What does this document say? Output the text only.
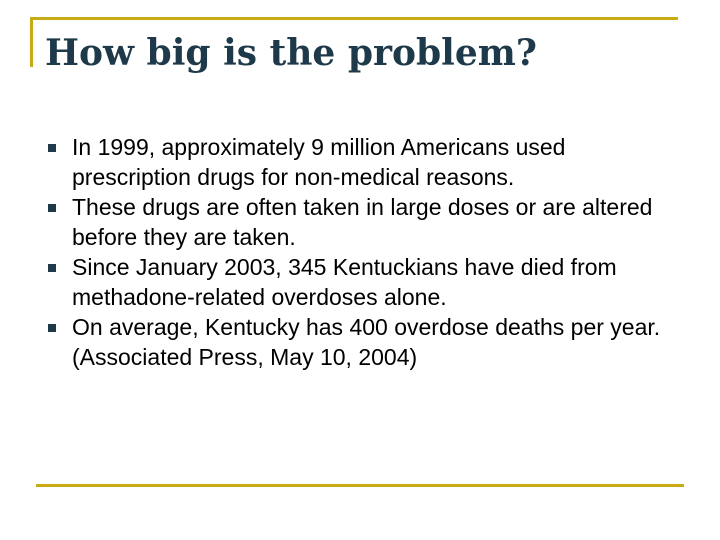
How big is the problem?
In 1999, approximately 9 million Americans used prescription drugs for non-medical reasons.
These drugs are often taken in large doses or are altered before they are taken.
Since January 2003, 345 Kentuckians have died from methadone-related overdoses alone.
On average, Kentucky has 400 overdose deaths per year. (Associated Press, May 10, 2004)
